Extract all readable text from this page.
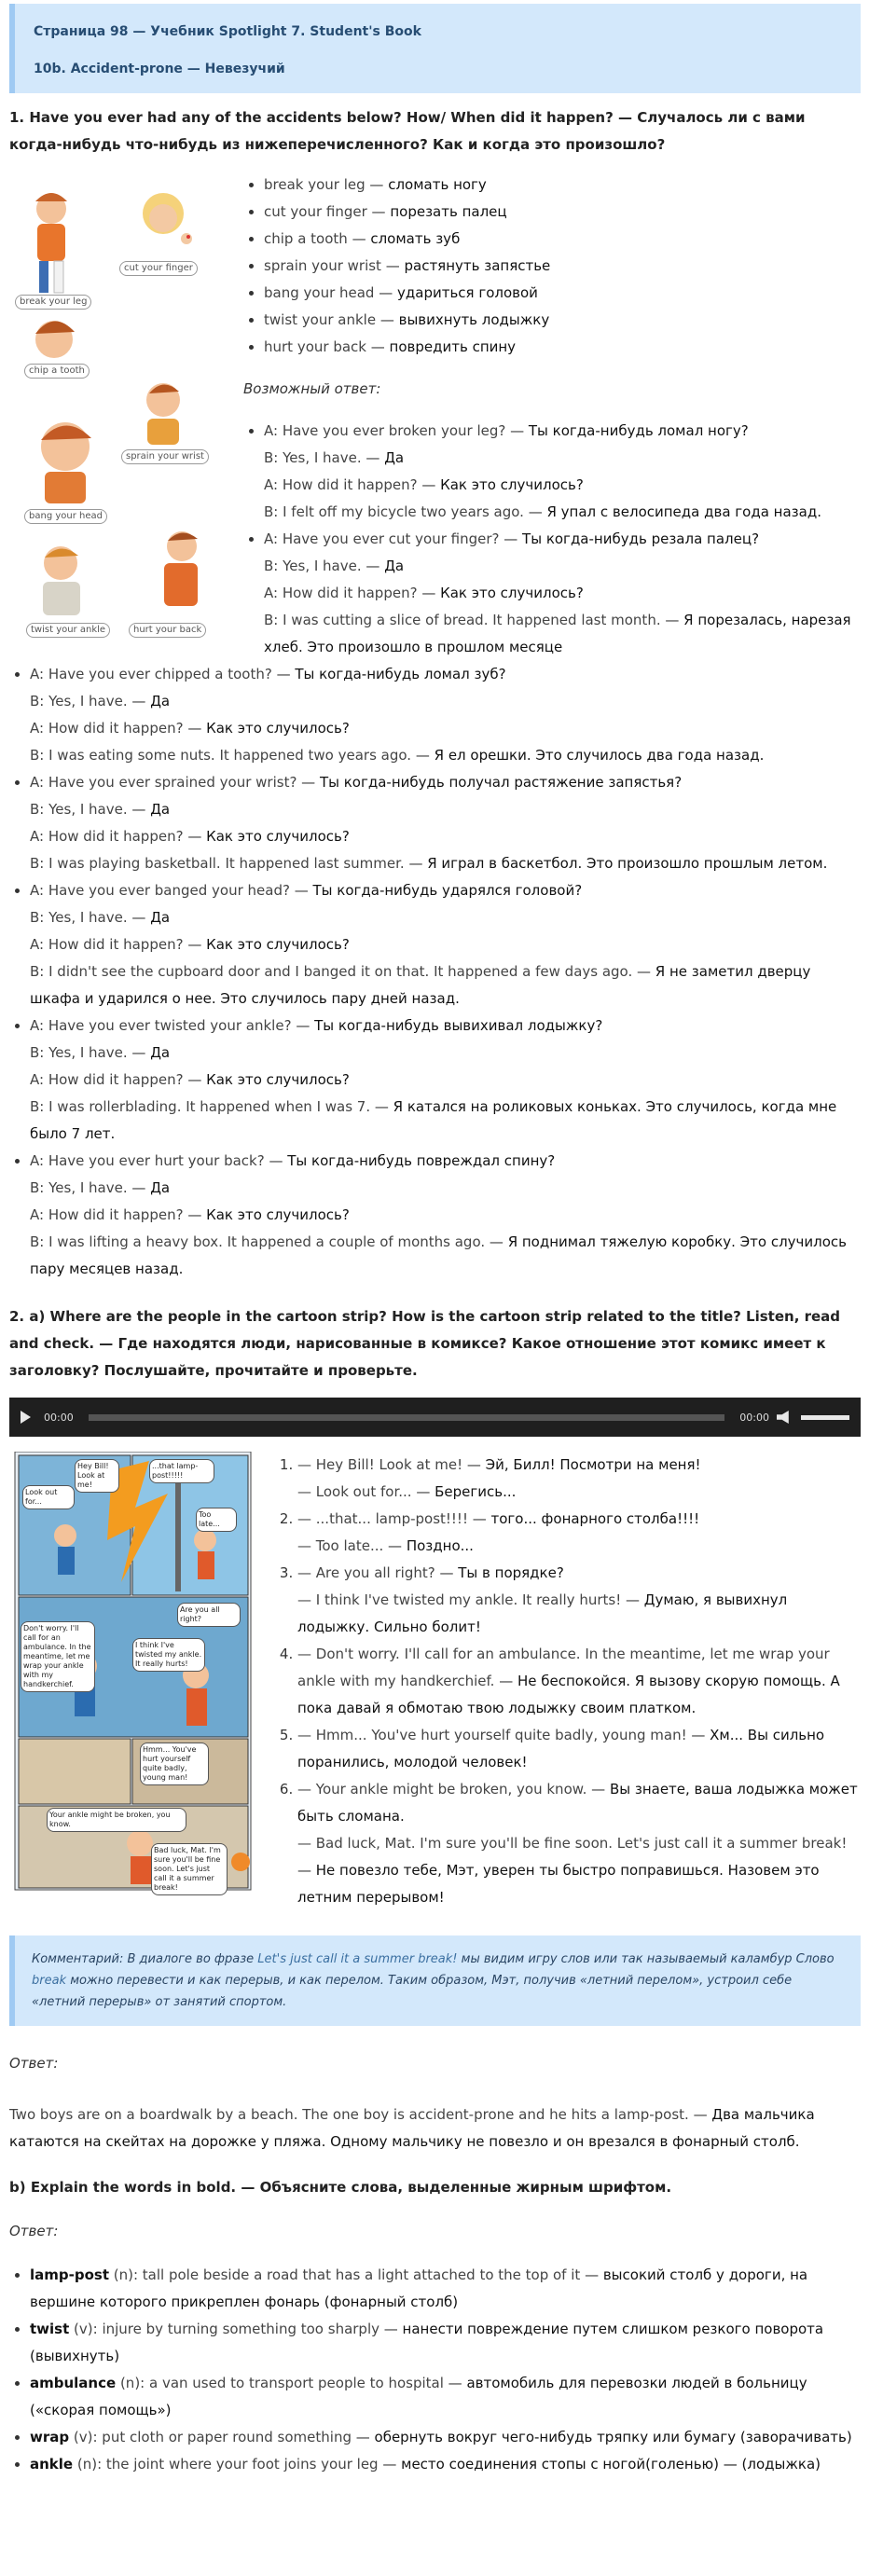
Страница 98 — Учебник Spotlight 7. Student's Book

10b. Accident-prone — Невезучий

1. Have you ever had any of the accidents below? How/ When did it happen? — Случалось ли с вами когда-нибудь что-нибудь из нижеперечисленного? Как и когда это произошло?

break your leg
cut your finger
chip a tooth
sprain your wrist
bang your head
twist your ankle	hurt your back
• break your leg — сломать ногу
• cut your finger — порезать палец
• chip a tooth — сломать зуб
• sprain your wrist — растянуть запястье
• bang your head — удариться головой
• twist your ankle — вывихнуть лодыжку
• hurt your back — повредить спину

Возможный ответ:

• A: Have you ever broken your leg? — Ты когда-нибудь ломал ногу?
B: Yes, I have. — Да
A: How did it happen? — Как это случилось?
B: I felt off my bicycle two years ago. — Я упал с велосипеда два года назад.
• A: Have you ever cut your finger? — Ты когда-нибудь резала палец?
B: Yes, I have. — Да
A: How did it happen? — Как это случилось?
B: I was cutting a slice of bread. It happened last month. — Я порезалась, нарезая хлеб. Это произошло в прошлом месяце
• A: Have you ever chipped a tooth? — Ты когда-нибудь ломал зуб?
B: Yes, I have. — Да
A: How did it happen? — Как это случилось?
B: I was eating some nuts. It happened two years ago. — Я ел орешки. Это случилось два года назад.
• A: Have you ever sprained your wrist? — Ты когда-нибудь получал растяжение запястья?
B: Yes, I have. — Да
A: How did it happen? — Как это случилось?
B: I was playing basketball. It happened last summer. — Я играл в баскетбол. Это произошло прошлым летом.
• A: Have you ever banged your head? — Ты когда-нибудь ударялся головой?
B: Yes, I have. — Да
A: How did it happen? — Как это случилось?
B: I didn't see the cupboard door and I banged it on that. It happened a few days ago. — Я не заметил дверцу шкафа и ударился о нее. Это случилось пару дней назад.
• A: Have you ever twisted your ankle? — Ты когда-нибудь вывихивал лодыжку?
B: Yes, I have. — Да
A: How did it happen? — Как это случилось?
B: I was rollerblading. It happened when I was 7. — Я катался на роликовых коньках. Это случилось, когда мне было 7 лет.
• A: Have you ever hurt your back? — Ты когда-нибудь повреждал спину?
B: Yes, I have. — Да
A: How did it happen? — Как это случилось?
B: I was lifting a heavy box. It happened a couple of months ago. — Я поднимал тяжелую коробку. Это случилось пару месяцев назад.

2. a) Where are the people in the cartoon strip? How is the cartoon strip related to the title? Listen, read and check. — Где находятся люди, нарисованные в комиксе? Какое отношение этот комикс имеет к заголовку? Послушайте, прочитайте и проверьте.

00:00	00:00
Hey Bill! Look at me!
Look out for...
...that lamp-post!!!!!
Too late...
Are you all right?
I think I've twisted my ankle. It really hurts!
Don't worry. I'll call for an ambulance. In the meantime, let me wrap your ankle with my handkerchief.
Hmm... You've hurt yourself quite badly, young man!
Your ankle might be broken, you know.
Bad luck, Mat. I'm sure you'll be fine soon. Let's just call it a summer break!
1. — Hey Bill! Look at me! — Эй, Билл! Посмотри на меня!
— Look out for... — Берегись...
2. — ...that... lamp-post!!!! — того... фонарного столба!!!!
— Too late... — Поздно...
3. — Are you all right? — Ты в порядке?
— I think I've twisted my ankle. It really hurts! — Думаю, я вывихнул лодыжку. Сильно болит!
4. — Don't worry. I'll call for an ambulance. In the meantime, let me wrap your ankle with my handkerchief. — Не беспокойся. Я вызову скорую помощь. А пока давай я обмотаю твою лодыжку своим платком.
5. — Hmm... You've hurt yourself quite badly, young man! — Хм... Вы сильно поранились, молодой человек!
6. — Your ankle might be broken, you know. — Вы знаете, ваша лодыжка может быть сломана.
— Bad luck, Mat. I'm sure you'll be fine soon. Let's just call it a summer break! — Не повезло тебе, Мэт, уверен ты быстро поправишься. Назовем это летним перерывом!
Комментарий: В диалоге во фразе Let's just call it a summer break! мы видим игру слов или так называемый каламбур Слово break можно перевести и как перерыв, и как перелом. Таким образом, Мэт, получив «летний перелом», устроил себе «летний перерыв» от занятий спортом.

Ответ:

Two boys are on a boardwalk by a beach. The one boy is accident-prone and he hits a lamp-post. — Два мальчика катаются на скейтах на дорожке у пляжа. Одному мальчику не повезло и он врезался в фонарный столб.

b) Explain the words in bold. — Объясните слова, выделенные жирным шрифтом.

Ответ:

• lamp-post (n): tall pole beside a road that has a light attached to the top of it — высокий столб у дороги, на вершине которого прикреплен фонарь (фонарный столб)
• twist (v): injure by turning something too sharply — нанести повреждение путем слишком резкого поворота (вывихнуть)
• ambulance (n): a van used to transport people to hospital — автомобиль для перевозки людей в больницу («скорая помощь»)
• wrap (v): put cloth or paper round something — обернуть вокруг чего-нибудь тряпку или бумагу (заворачивать)
• ankle (n): the joint where your foot joins your leg — место соединения стопы с ногой(голенью) — (лодыжка)
